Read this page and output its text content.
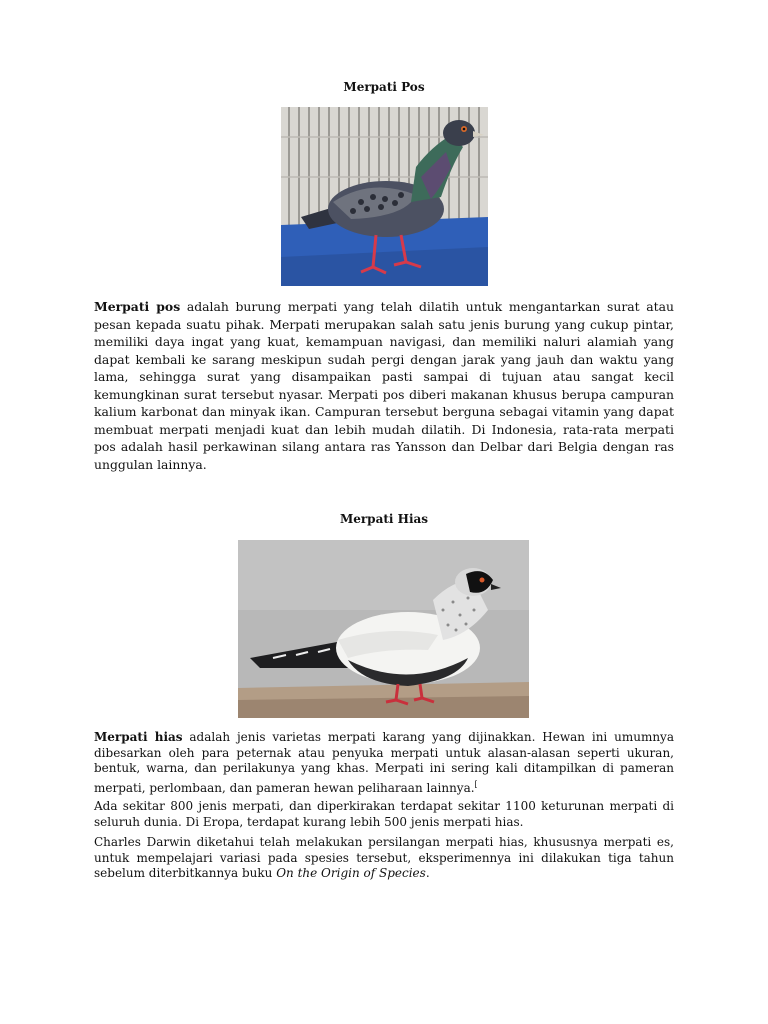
Merpati Pos

Merpati pos adalah burung merpati yang telah dilatih untuk mengantarkan surat atau pesan kepada suatu pihak. Merpati merupakan salah satu jenis burung yang cukup pintar, memiliki daya ingat yang kuat, kemampuan navigasi, dan memiliki naluri alamiah yang dapat kembali ke sarang meskipun sudah pergi dengan jarak yang jauh dan waktu yang lama, sehingga surat yang disampaikan pasti sampai di tujuan atau sangat kecil kemungkinan surat tersebut nyasar. Merpati pos diberi makanan khusus berupa campuran kalium karbonat dan minyak ikan. Campuran tersebut berguna sebagai vitamin yang dapat membuat merpati menjadi kuat dan lebih mudah dilatih. Di Indonesia, rata-rata merpati pos adalah hasil perkawinan silang antara ras Yansson dan Delbar dari Belgia dengan ras unggulan lainnya.

Merpati Hias

Merpati hias adalah jenis varietas merpati karang yang dijinakkan. Hewan ini umumnya dibesarkan oleh para peternak atau penyuka merpati untuk alasan-alasan seperti ukuran, bentuk, warna, dan perilakunya yang khas. Merpati ini sering kali ditampilkan di pameran merpati, perlombaan, dan pameran hewan peliharaan lainnya.[

Ada sekitar 800 jenis merpati, dan diperkirakan terdapat sekitar 1100 keturunan merpati di seluruh dunia. Di Eropa, terdapat kurang lebih 500 jenis merpati hias.

Charles Darwin diketahui telah melakukan persilangan merpati hias, khususnya merpati es, untuk mempelajari variasi pada spesies tersebut, eksperimennya ini dilakukan tiga tahun sebelum diterbitkannya buku On the Origin of Species.
